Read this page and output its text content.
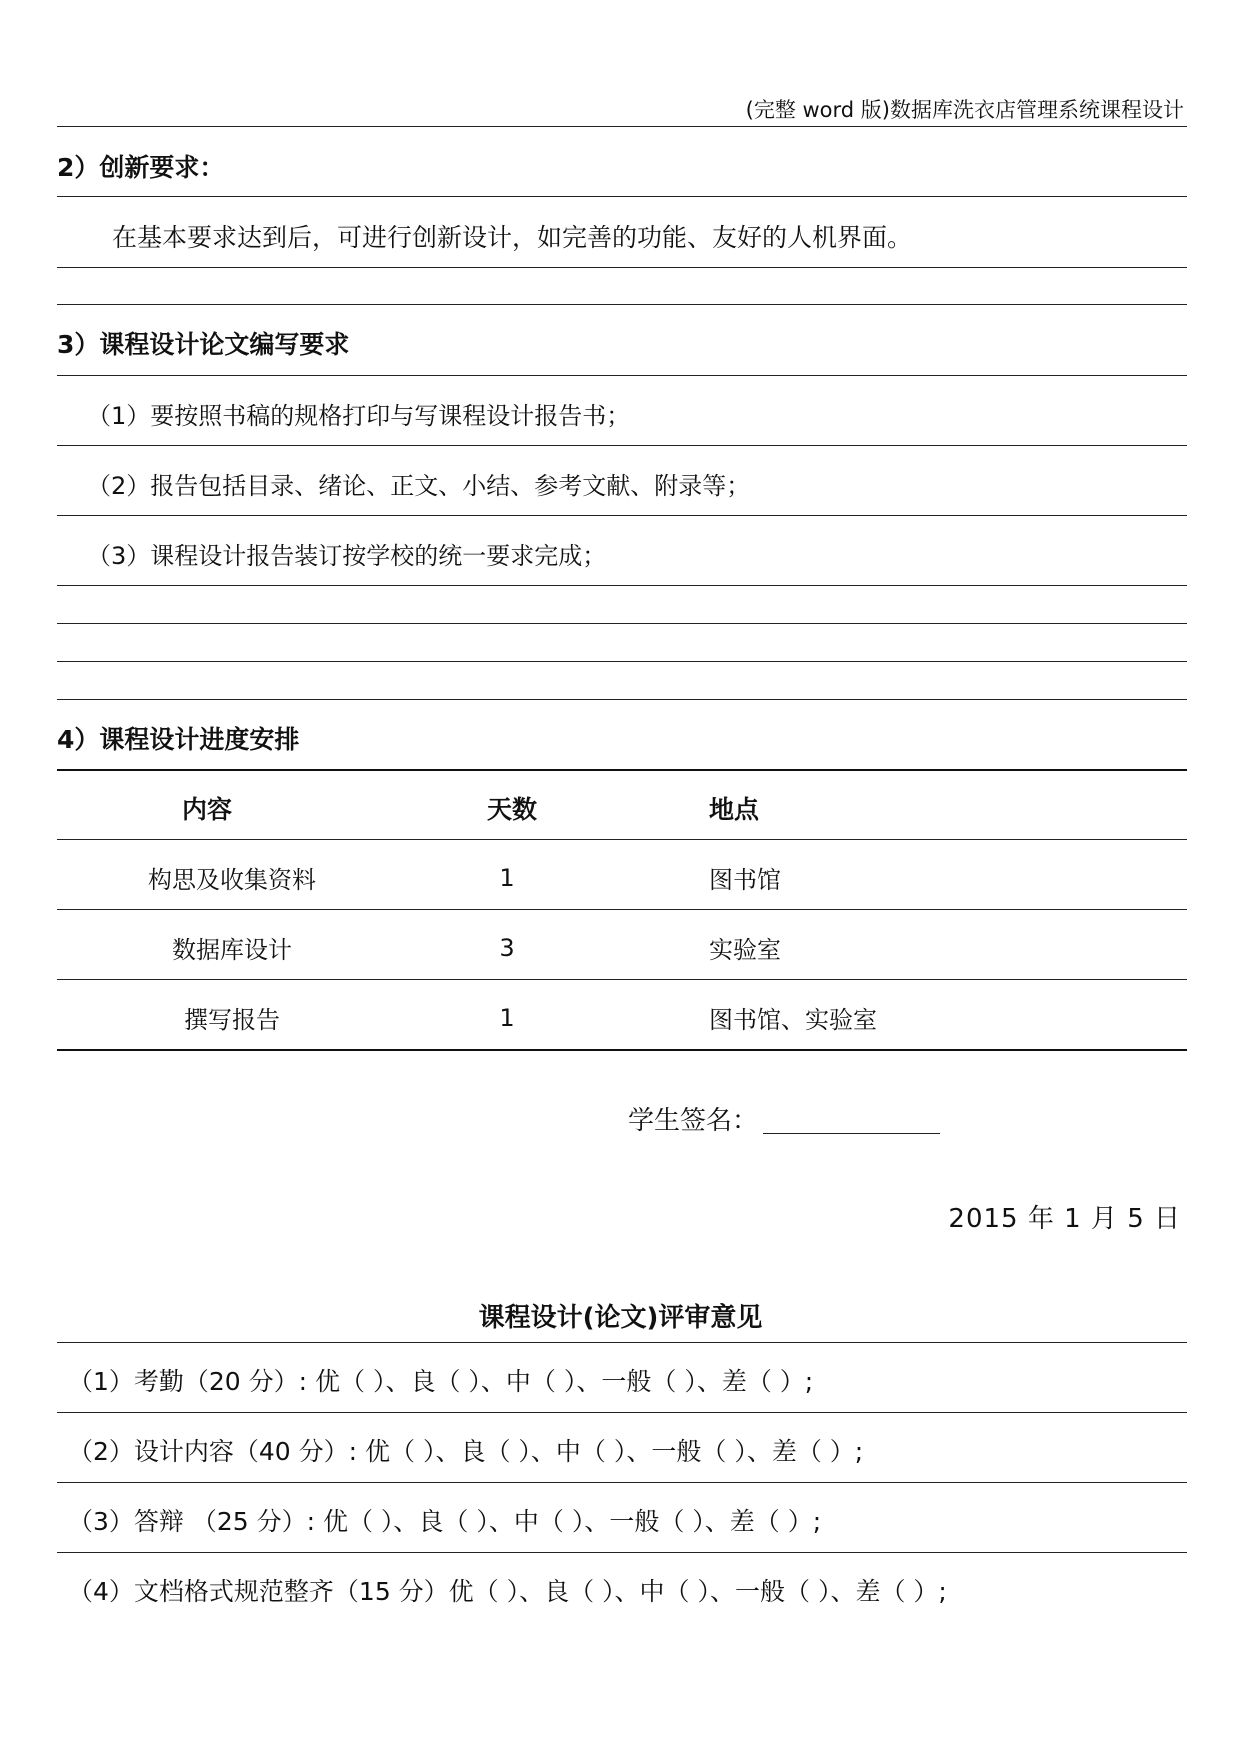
(完整 word 版)数据库洗衣店管理系统课程设计
2）创新要求：
在基本要求达到后，可进行创新设计，如完善的功能、友好的人机界面。
3）课程设计论文编写要求
（1）要按照书稿的规格打印与写课程设计报告书；
（2）报告包括目录、绪论、正文、小结、参考文献、附录等；
（3）课程设计报告装订按学校的统一要求完成；
4）课程设计进度安排
内容	天数	地点
构思及收集资料	1	图书馆
数据库设计	3	实验室
撰写报告	1	图书馆、实验室
学生签名：
2015 年 1 月 5 日
课程设计(论文)评审意见
（1）考勤（20 分）: 优（ ）、良（ ）、中（ ）、一般（ ）、差（ ）;
（2）设计内容（40 分）: 优（ ）、良（ ）、中（ ）、一般（ ）、差（ ）;
（3）答辩 （25 分）: 优（ ）、良（ ）、中（ ）、一般（ ）、差（ ）;
（4）文档格式规范整齐（15 分）优（ ）、良（ ）、中（ ）、一般（ ）、差（ ）;
